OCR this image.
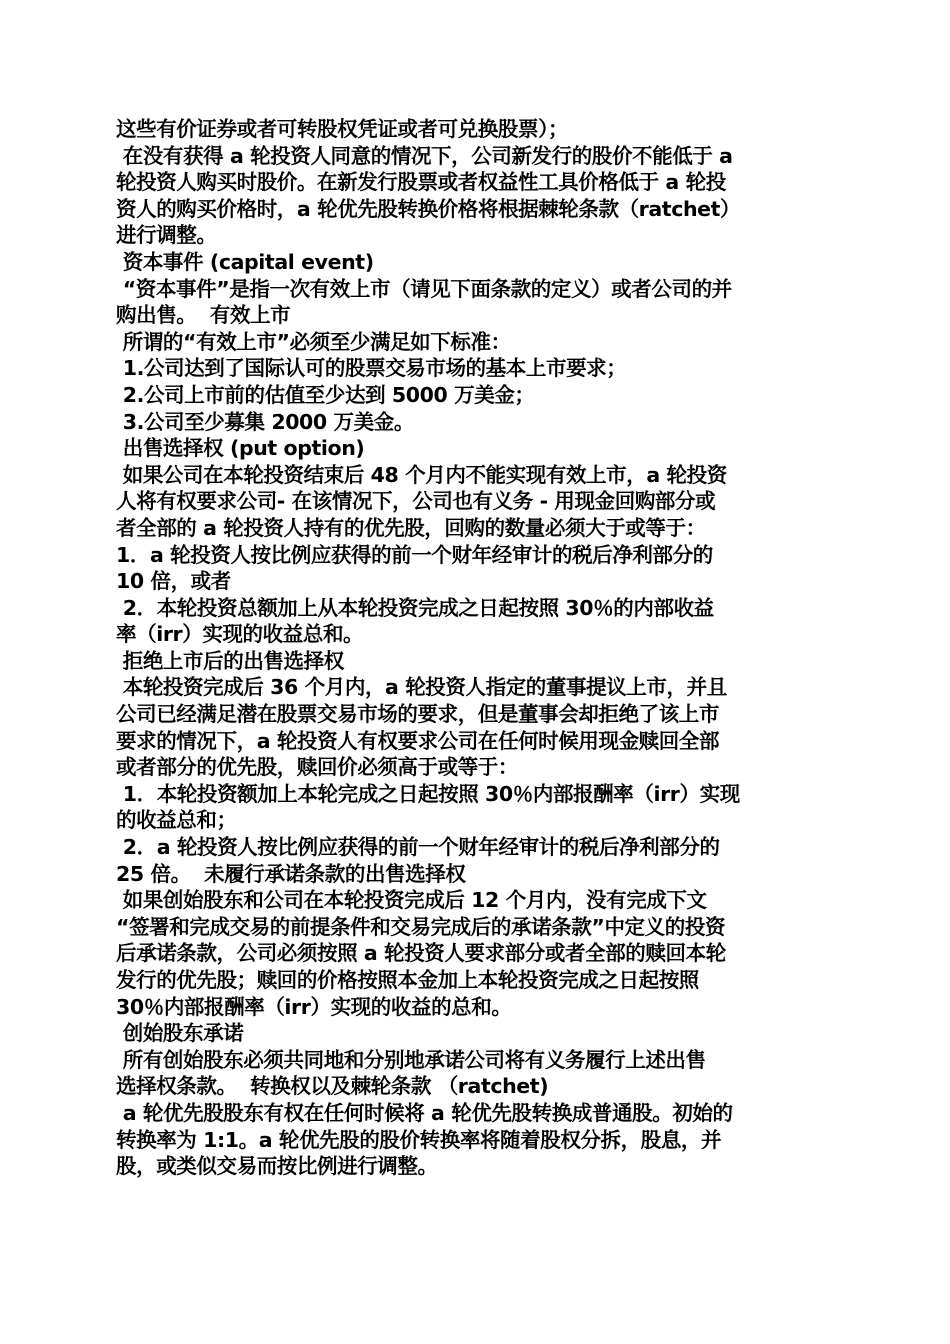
这些有价证券或者可转股权凭证或者可兑换股票）；
在没有获得 a 轮投资人同意的情况下，公司新发行的股价不能低于 a
轮投资人购买时股价。在新发行股票或者权益性工具价格低于 a 轮投
资人的购买价格时，a 轮优先股转换价格将根据棘轮条款（ratchet）
进行调整。
资本事件 (capital event)
“资本事件”是指一次有效上市（请见下面条款的定义）或者公司的并
购出售。  有效上市
所谓的“有效上市”必须至少满足如下标准：
1.公司达到了国际认可的股票交易市场的基本上市要求；
2.公司上市前的估值至少达到 5000 万美金；
3.公司至少募集 2000 万美金。
出售选择权 (put option)
如果公司在本轮投资结束后 48 个月内不能实现有效上市，a 轮投资
人将有权要求公司- 在该情况下，公司也有义务 - 用现金回购部分或
者全部的 a 轮投资人持有的优先股，回购的数量必须大于或等于：
1．a 轮投资人按比例应获得的前一个财年经审计的税后净利部分的
10 倍，或者
2．本轮投资总额加上从本轮投资完成之日起按照 30％的内部收益
率（irr）实现的收益总和。
拒绝上市后的出售选择权
本轮投资完成后 36 个月内，a 轮投资人指定的董事提议上市，并且
公司已经满足潜在股票交易市场的要求，但是董事会却拒绝了该上市
要求的情况下，a 轮投资人有权要求公司在任何时候用现金赎回全部
或者部分的优先股，赎回价必须高于或等于：
1．本轮投资额加上本轮完成之日起按照 30％内部报酬率（irr）实现
的收益总和；
2．a 轮投资人按比例应获得的前一个财年经审计的税后净利部分的
25 倍。  未履行承诺条款的出售选择权
如果创始股东和公司在本轮投资完成后 12 个月内，没有完成下文
“签署和完成交易的前提条件和交易完成后的承诺条款”中定义的投资
后承诺条款，公司必须按照 a 轮投资人要求部分或者全部的赎回本轮
发行的优先股；赎回的价格按照本金加上本轮投资完成之日起按照
30％内部报酬率（irr）实现的收益的总和。
创始股东承诺
所有创始股东必须共同地和分别地承诺公司将有义务履行上述出售
选择权条款。  转换权以及棘轮条款 （ratchet)
a 轮优先股股东有权在任何时候将 a 轮优先股转换成普通股。初始的
转换率为 1:1。a 轮优先股的股价转换率将随着股权分拆，股息，并
股，或类似交易而按比例进行调整。
